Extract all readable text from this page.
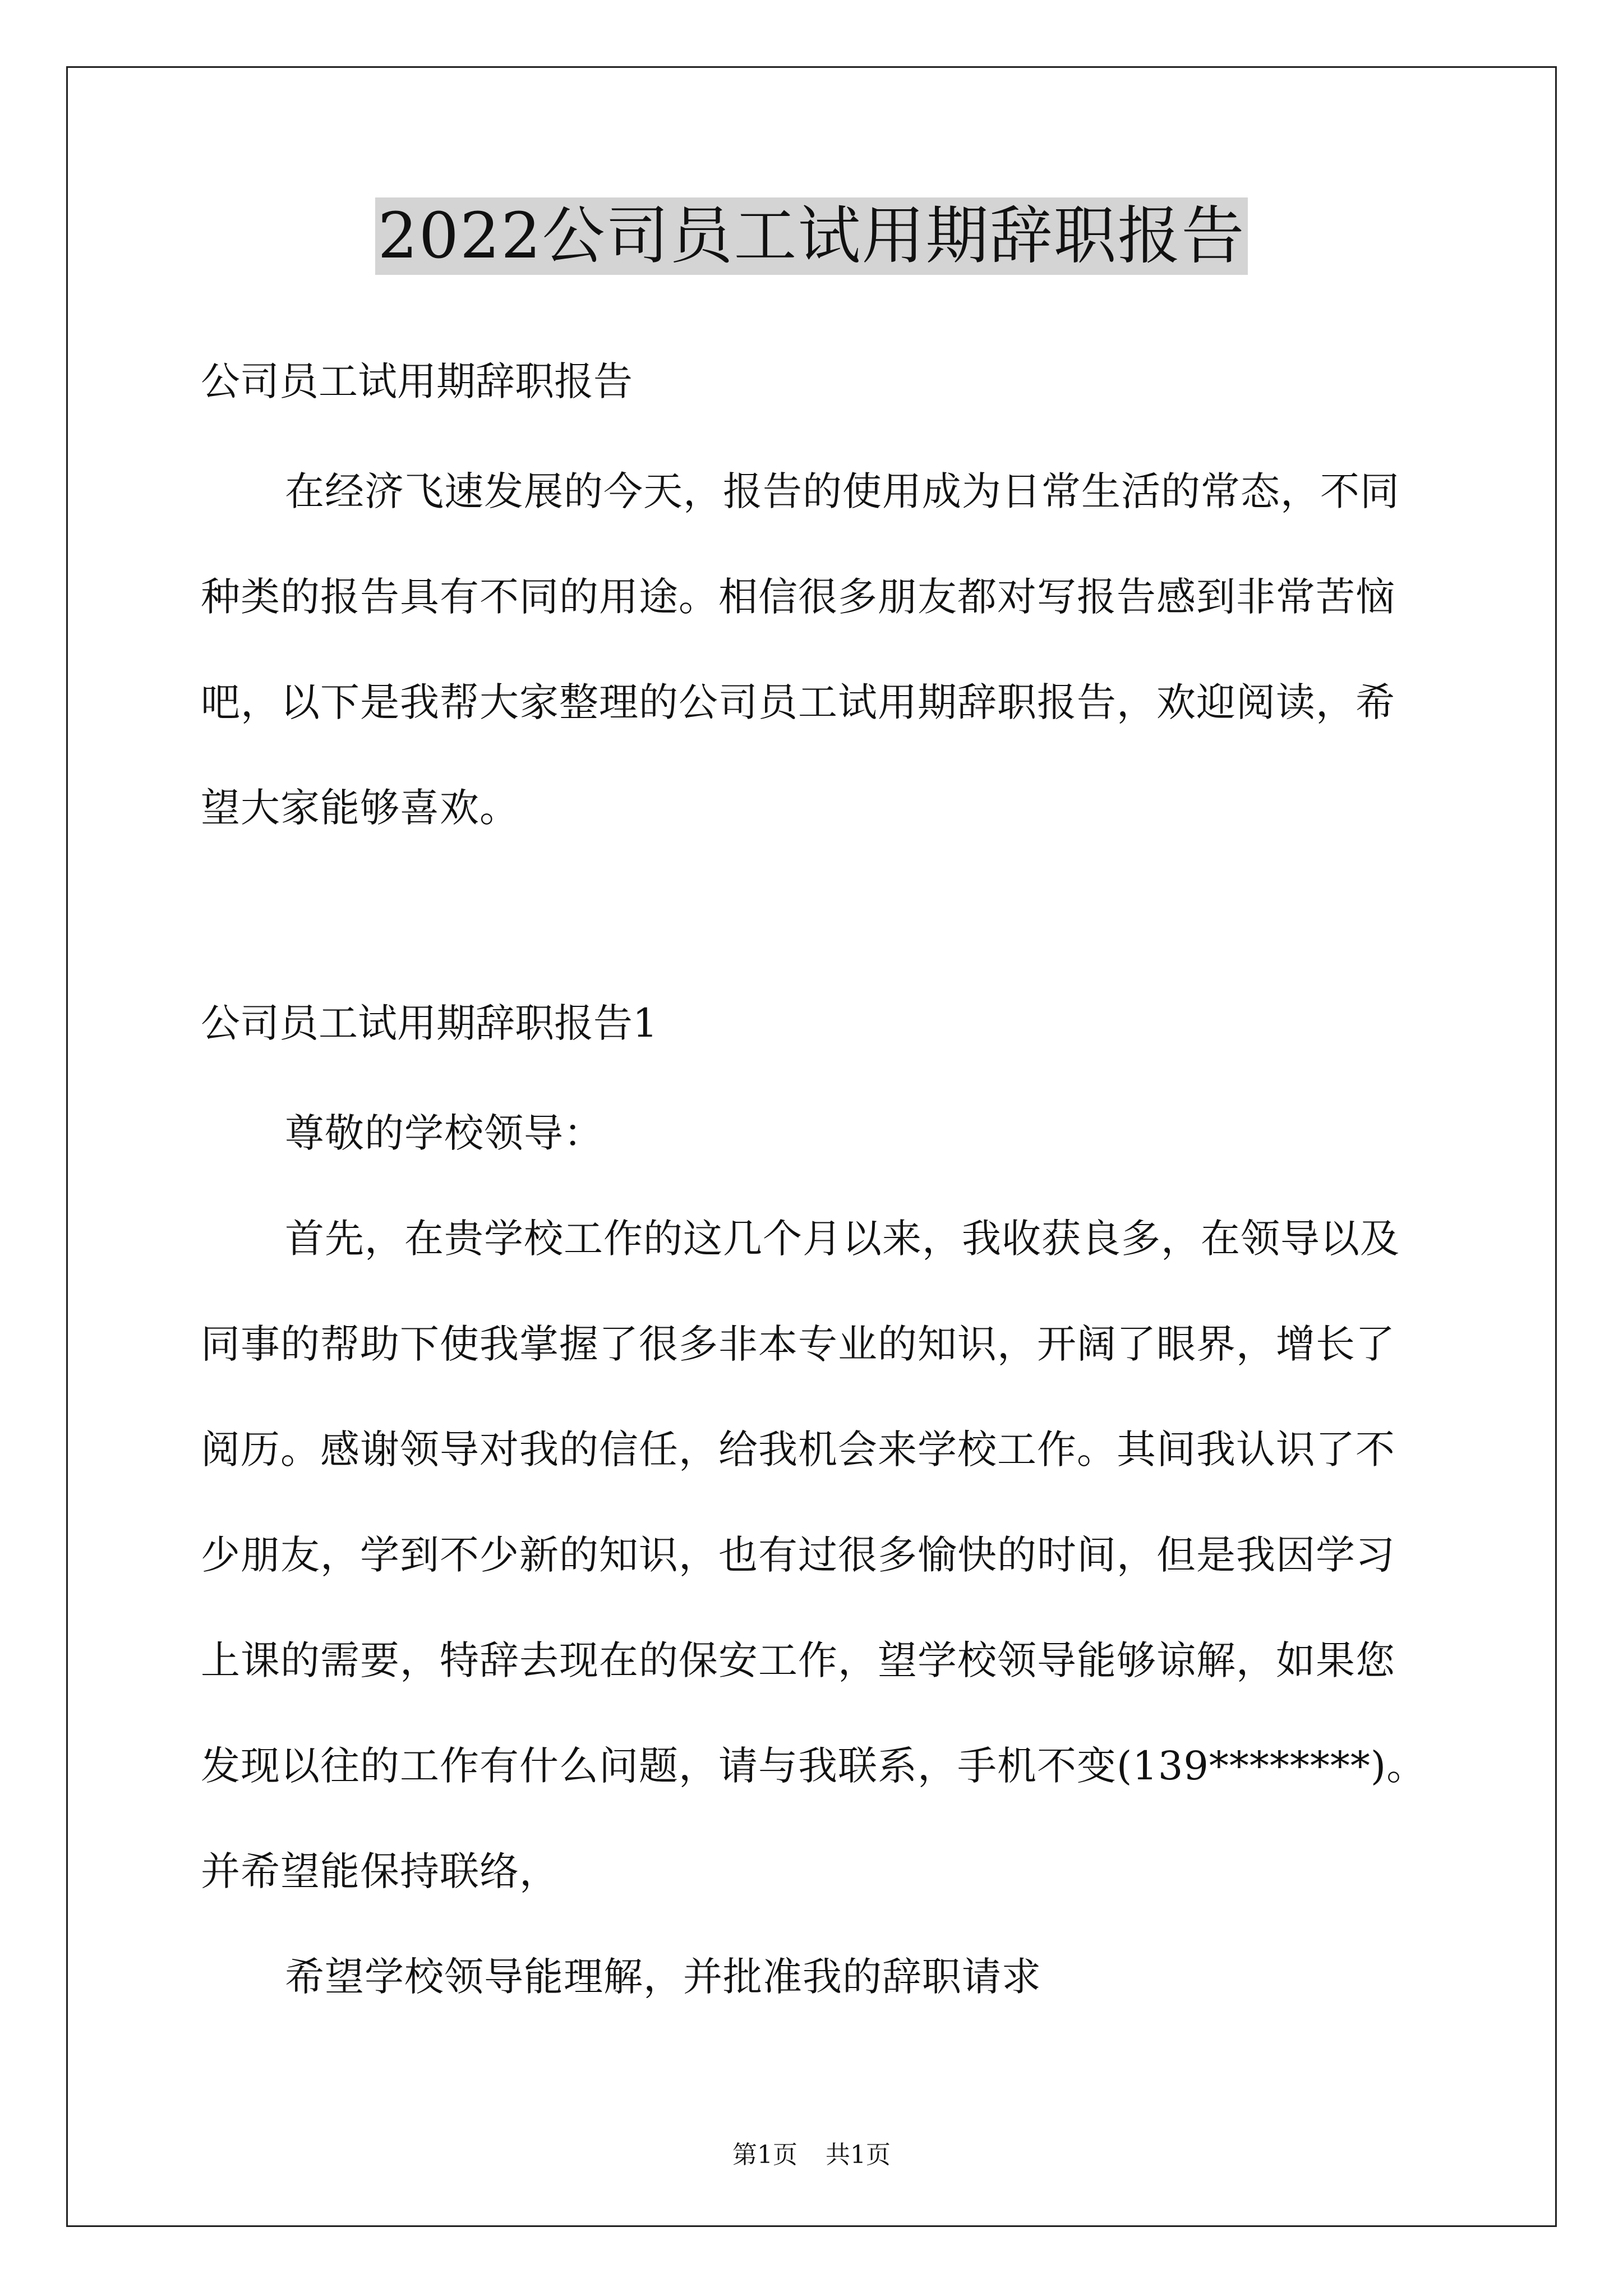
2022公司员工试用期辞职报告

公司员工试用期辞职报告

在经济飞速发展的今天，报告的使用成为日常生活的常态，不同种类的报告具有不同的用途。相信很多朋友都对写报告感到非常苦恼吧，以下是我帮大家整理的公司员工试用期辞职报告，欢迎阅读，希望大家能够喜欢。

公司员工试用期辞职报告1

尊敬的学校领导：

首先，在贵学校工作的这几个月以来，我收获良多，在领导以及同事的帮助下使我掌握了很多非本专业的知识，开阔了眼界，增长了阅历。感谢领导对我的信任，给我机会来学校工作。其间我认识了不少朋友，学到不少新的知识，也有过很多愉快的时间，但是我因学习上课的需要，特辞去现在的保安工作，望学校领导能够谅解，如果您发现以往的工作有什么问题，请与我联系，手机不变(139********)。并希望能保持联络，

希望学校领导能理解，并批准我的辞职请求

第1页 共1页
